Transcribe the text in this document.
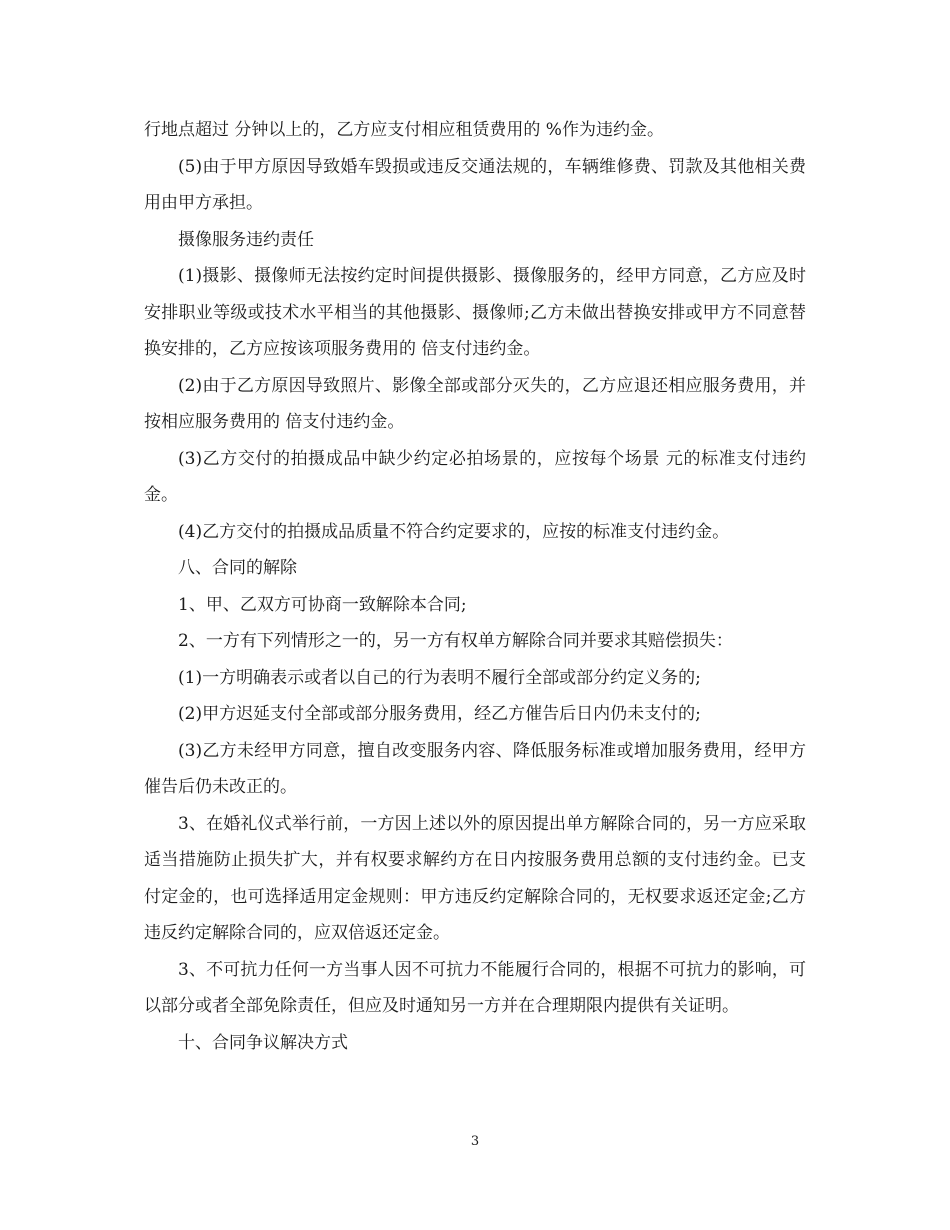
行地点超过 分钟以上的，乙方应支付相应租赁费用的 %作为违约金。

(5)由于甲方原因导致婚车毁损或违反交通法规的，车辆维修费、罚款及其他相关费用由甲方承担。

摄像服务违约责任

(1)摄影、摄像师无法按约定时间提供摄影、摄像服务的，经甲方同意，乙方应及时安排职业等级或技术水平相当的其他摄影、摄像师;乙方未做出替换安排或甲方不同意替换安排的，乙方应按该项服务费用的 倍支付违约金。

(2)由于乙方原因导致照片、影像全部或部分灭失的，乙方应退还相应服务费用，并按相应服务费用的 倍支付违约金。

(3)乙方交付的拍摄成品中缺少约定必拍场景的，应按每个场景 元的标准支付违约金。

(4)乙方交付的拍摄成品质量不符合约定要求的，应按的标准支付违约金。

八、合同的解除

1、甲、乙双方可协商一致解除本合同;

2、一方有下列情形之一的，另一方有权单方解除合同并要求其赔偿损失：

(1)一方明确表示或者以自己的行为表明不履行全部或部分约定义务的;

(2)甲方迟延支付全部或部分服务费用，经乙方催告后日内仍未支付的;

(3)乙方未经甲方同意，擅自改变服务内容、降低服务标准或增加服务费用，经甲方催告后仍未改正的。

3、在婚礼仪式举行前，一方因上述以外的原因提出单方解除合同的，另一方应采取适当措施防止损失扩大，并有权要求解约方在日内按服务费用总额的支付违约金。已支付定金的，也可选择适用定金规则：甲方违反约定解除合同的，无权要求返还定金;乙方违反约定解除合同的，应双倍返还定金。

3、不可抗力任何一方当事人因不可抗力不能履行合同的，根据不可抗力的影响，可以部分或者全部免除责任，但应及时通知另一方并在合理期限内提供有关证明。

十、合同争议解决方式

3
